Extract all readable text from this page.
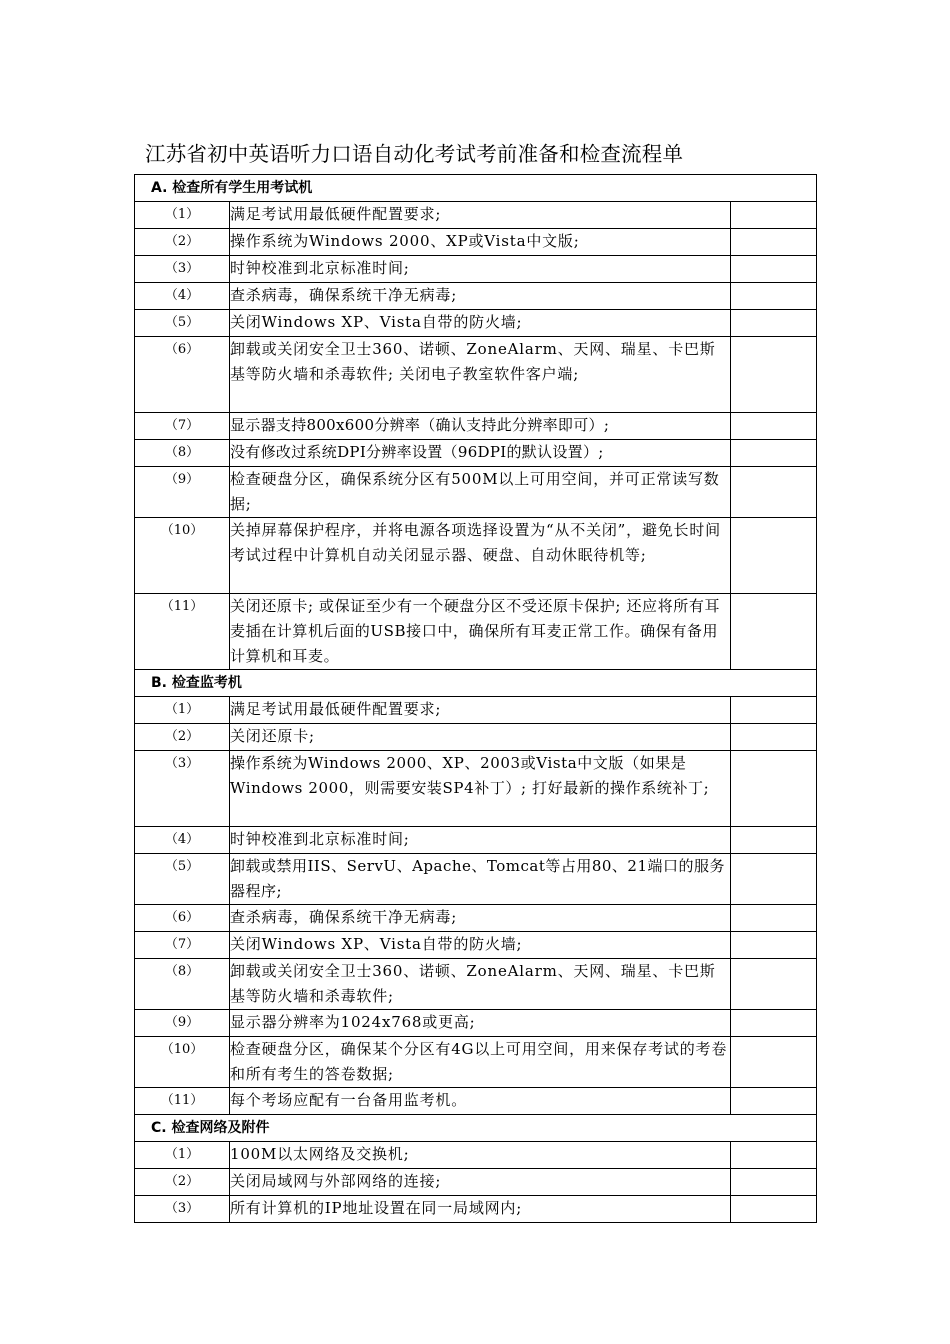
江苏省初中英语听力口语自动化考试考前准备和检查流程单
A. 检查所有学生用考试机		
（1）	满足考试用最低硬件配置要求;	
（2）	操作系统为Windows 2000、XP或Vista中文版;	
（3）	时钟校准到北京标准时间;	
（4）	查杀病毒，确保系统干净无病毒;	
（5）	关闭Windows XP、Vista自带的防火墙;	
（6）	卸载或关闭安全卫士360、诺顿、ZoneAlarm、天网、瑞星、卡巴斯基等防火墙和杀毒软件; 关闭电子教室软件客户端;	
（7）	显示器支持800x600分辨率（确认支持此分辨率即可）;	
（8）	没有修改过系统DPI分辨率设置（96DPI的默认设置）;	
（9）	检查硬盘分区，确保系统分区有500M以上可用空间，并可正常读写数据;	
（10）	关掉屏幕保护程序，并将电源各项选择设置为“从不关闭”，避免长时间考试过程中计算机自动关闭显示器、硬盘、自动休眠待机等;	
（11）	关闭还原卡; 或保证至少有一个硬盘分区不受还原卡保护; 还应将所有耳麦插在计算机后面的USB接口中，确保所有耳麦正常工作。确保有备用计算机和耳麦。	
B. 检查监考机		
（1）	满足考试用最低硬件配置要求;	
（2）	关闭还原卡;	
（3）	操作系统为Windows 2000、XP、2003或Vista中文版（如果是Windows 2000，则需要安装SP4补丁）; 打好最新的操作系统补丁;	
（4）	时钟校准到北京标准时间;	
（5）	卸载或禁用IIS、ServU、Apache、Tomcat等占用80、21端口的服务器程序;	
（6）	查杀病毒，确保系统干净无病毒;	
（7）	关闭Windows XP、Vista自带的防火墙;	
（8）	卸载或关闭安全卫士360、诺顿、ZoneAlarm、天网、瑞星、卡巴斯基等防火墙和杀毒软件;	
（9）	显示器分辨率为1024x768或更高;	
（10）	检查硬盘分区，确保某个分区有4G以上可用空间，用来保存考试的考卷和所有考生的答卷数据;	
（11）	每个考场应配有一台备用监考机。	
C. 检查网络及附件		
（1）	100M以太网络及交换机;	
（2）	关闭局域网与外部网络的连接;	
（3）	所有计算机的IP地址设置在同一局域网内;	
